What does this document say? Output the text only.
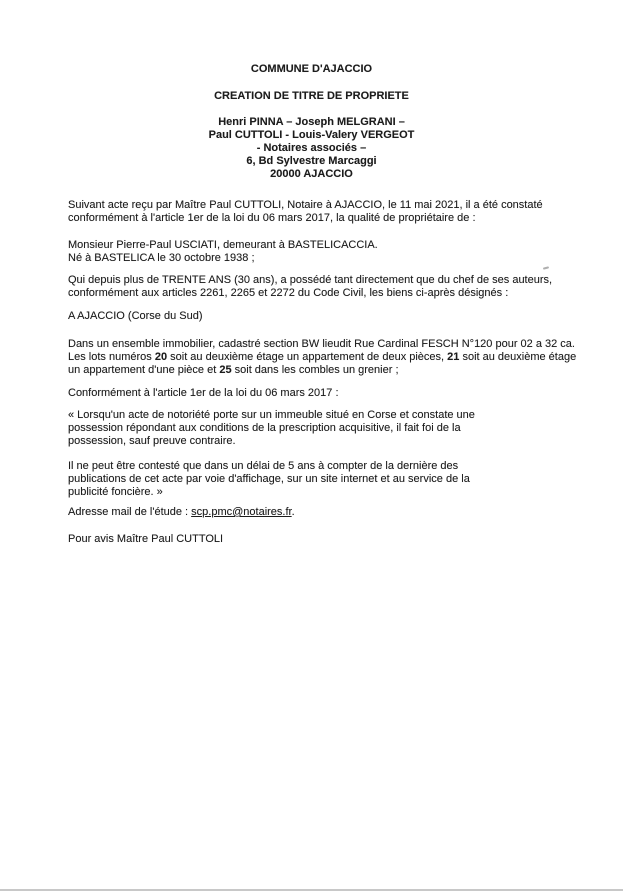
COMMUNE D'AJACCIO
CREATION DE TITRE DE PROPRIETE
Henri PINNA – Joseph MELGRANI –
Paul CUTTOLI - Louis-Valery VERGEOT
- Notaires associés –
6, Bd Sylvestre Marcaggi
20000 AJACCIO
Suivant acte reçu par Maître Paul CUTTOLI, Notaire à AJACCIO, le 11 mai 2021, il a été constaté
conformément à l'article 1er de la loi du 06 mars 2017, la qualité de propriétaire de :
Monsieur Pierre-Paul USCIATI, demeurant à BASTELICACCIA.
Né à BASTELICA le 30 octobre 1938 ;
Qui depuis plus de TRENTE ANS (30 ans), a possédé tant directement que du chef de ses auteurs,
conformément aux articles 2261, 2265 et 2272 du Code Civil, les biens ci-après désignés :
A AJACCIO (Corse du Sud)
Dans un ensemble immobilier, cadastré section BW lieudit Rue Cardinal FESCH N°120 pour 02 a 32 ca.
Les lots numéros 20 soit au deuxième étage un appartement de deux pièces, 21 soit au deuxième étage
un appartement d'une pièce et 25 soit dans les combles un grenier ;
Conformément à l'article 1er de la loi du 06 mars 2017 :
« Lorsqu'un acte de notoriété porte sur un immeuble situé en Corse et constate une
possession répondant aux conditions de la prescription acquisitive, il fait foi de la
possession, sauf preuve contraire.
Il ne peut être contesté que dans un délai de 5 ans à compter de la dernière des
publications de cet acte par voie d'affichage, sur un site internet et au service de la
publicité foncière. »
Adresse mail de l'étude : scp.pmc@notaires.fr.
Pour avis Maître Paul CUTTOLI
